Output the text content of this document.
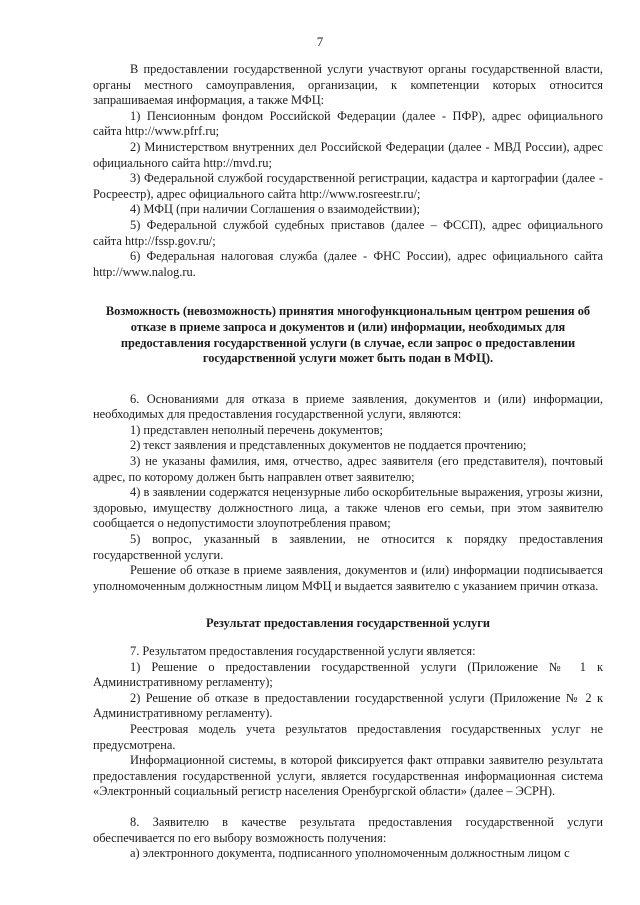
7

В предоставлении государственной услуги участвуют органы государственной власти, органы местного самоуправления, организации, к компетенции которых относится запрашиваемая информация, а также МФЦ:

1) Пенсионным фондом Российской Федерации (далее - ПФР), адрес официального сайта http://www.pfrf.ru;

2) Министерством внутренних дел Российской Федерации (далее - МВД России), адрес официального сайта http://mvd.ru;

3) Федеральной службой государственной регистрации, кадастра и картографии (далее - Росреестр), адрес официального сайта http://www.rosreestr.ru/;

4) МФЦ (при наличии Соглашения о взаимодействии);

5) Федеральной службой судебных приставов (далее – ФССП), адрес официального сайта http://fssp.gov.ru/;

6) Федеральная налоговая служба (далее - ФНС России), адрес официального сайта http://www.nalog.ru.

Возможность (невозможность) принятия многофункциональным центром решения об отказе в приеме запроса и документов и (или) информации, необходимых для предоставления государственной услуги (в случае, если запрос о предоставлении государственной услуги может быть подан в МФЦ).

6. Основаниями для отказа в приеме заявления, документов и (или) информации, необходимых для предоставления государственной услуги, являются:

1) представлен неполный перечень документов;

2) текст заявления и представленных документов не поддается прочтению;

3) не указаны фамилия, имя, отчество, адрес заявителя (его представителя), почтовый адрес, по которому должен быть направлен ответ заявителю;

4) в заявлении содержатся нецензурные либо оскорбительные выражения, угрозы жизни, здоровью, имуществу должностного лица, а также членов его семьи, при этом заявителю сообщается о недопустимости злоупотребления правом;

5) вопрос, указанный в заявлении, не относится к порядку предоставления государственной услуги.

Решение об отказе в приеме заявления, документов и (или) информации подписывается уполномоченным должностным лицом МФЦ и выдается заявителю с указанием причин отказа.

Результат предоставления государственной услуги

7. Результатом предоставления государственной услуги является:

1) Решение о предоставлении государственной услуги (Приложение № 1 к Административному регламенту);

2) Решение об отказе в предоставлении государственной услуги (Приложение № 2 к Административному регламенту).

Реестровая модель учета результатов предоставления государственных услуг не предусмотрена.

Информационной системы, в которой фиксируется факт отправки заявителю результата предоставления государственной услуги, является государственная информационная система «Электронный социальный регистр населения Оренбургской области» (далее – ЭСРН).

8. Заявителю в качестве результата предоставления государственной услуги обеспечивается по его выбору возможность получения:

а) электронного документа, подписанного уполномоченным должностным лицом с
